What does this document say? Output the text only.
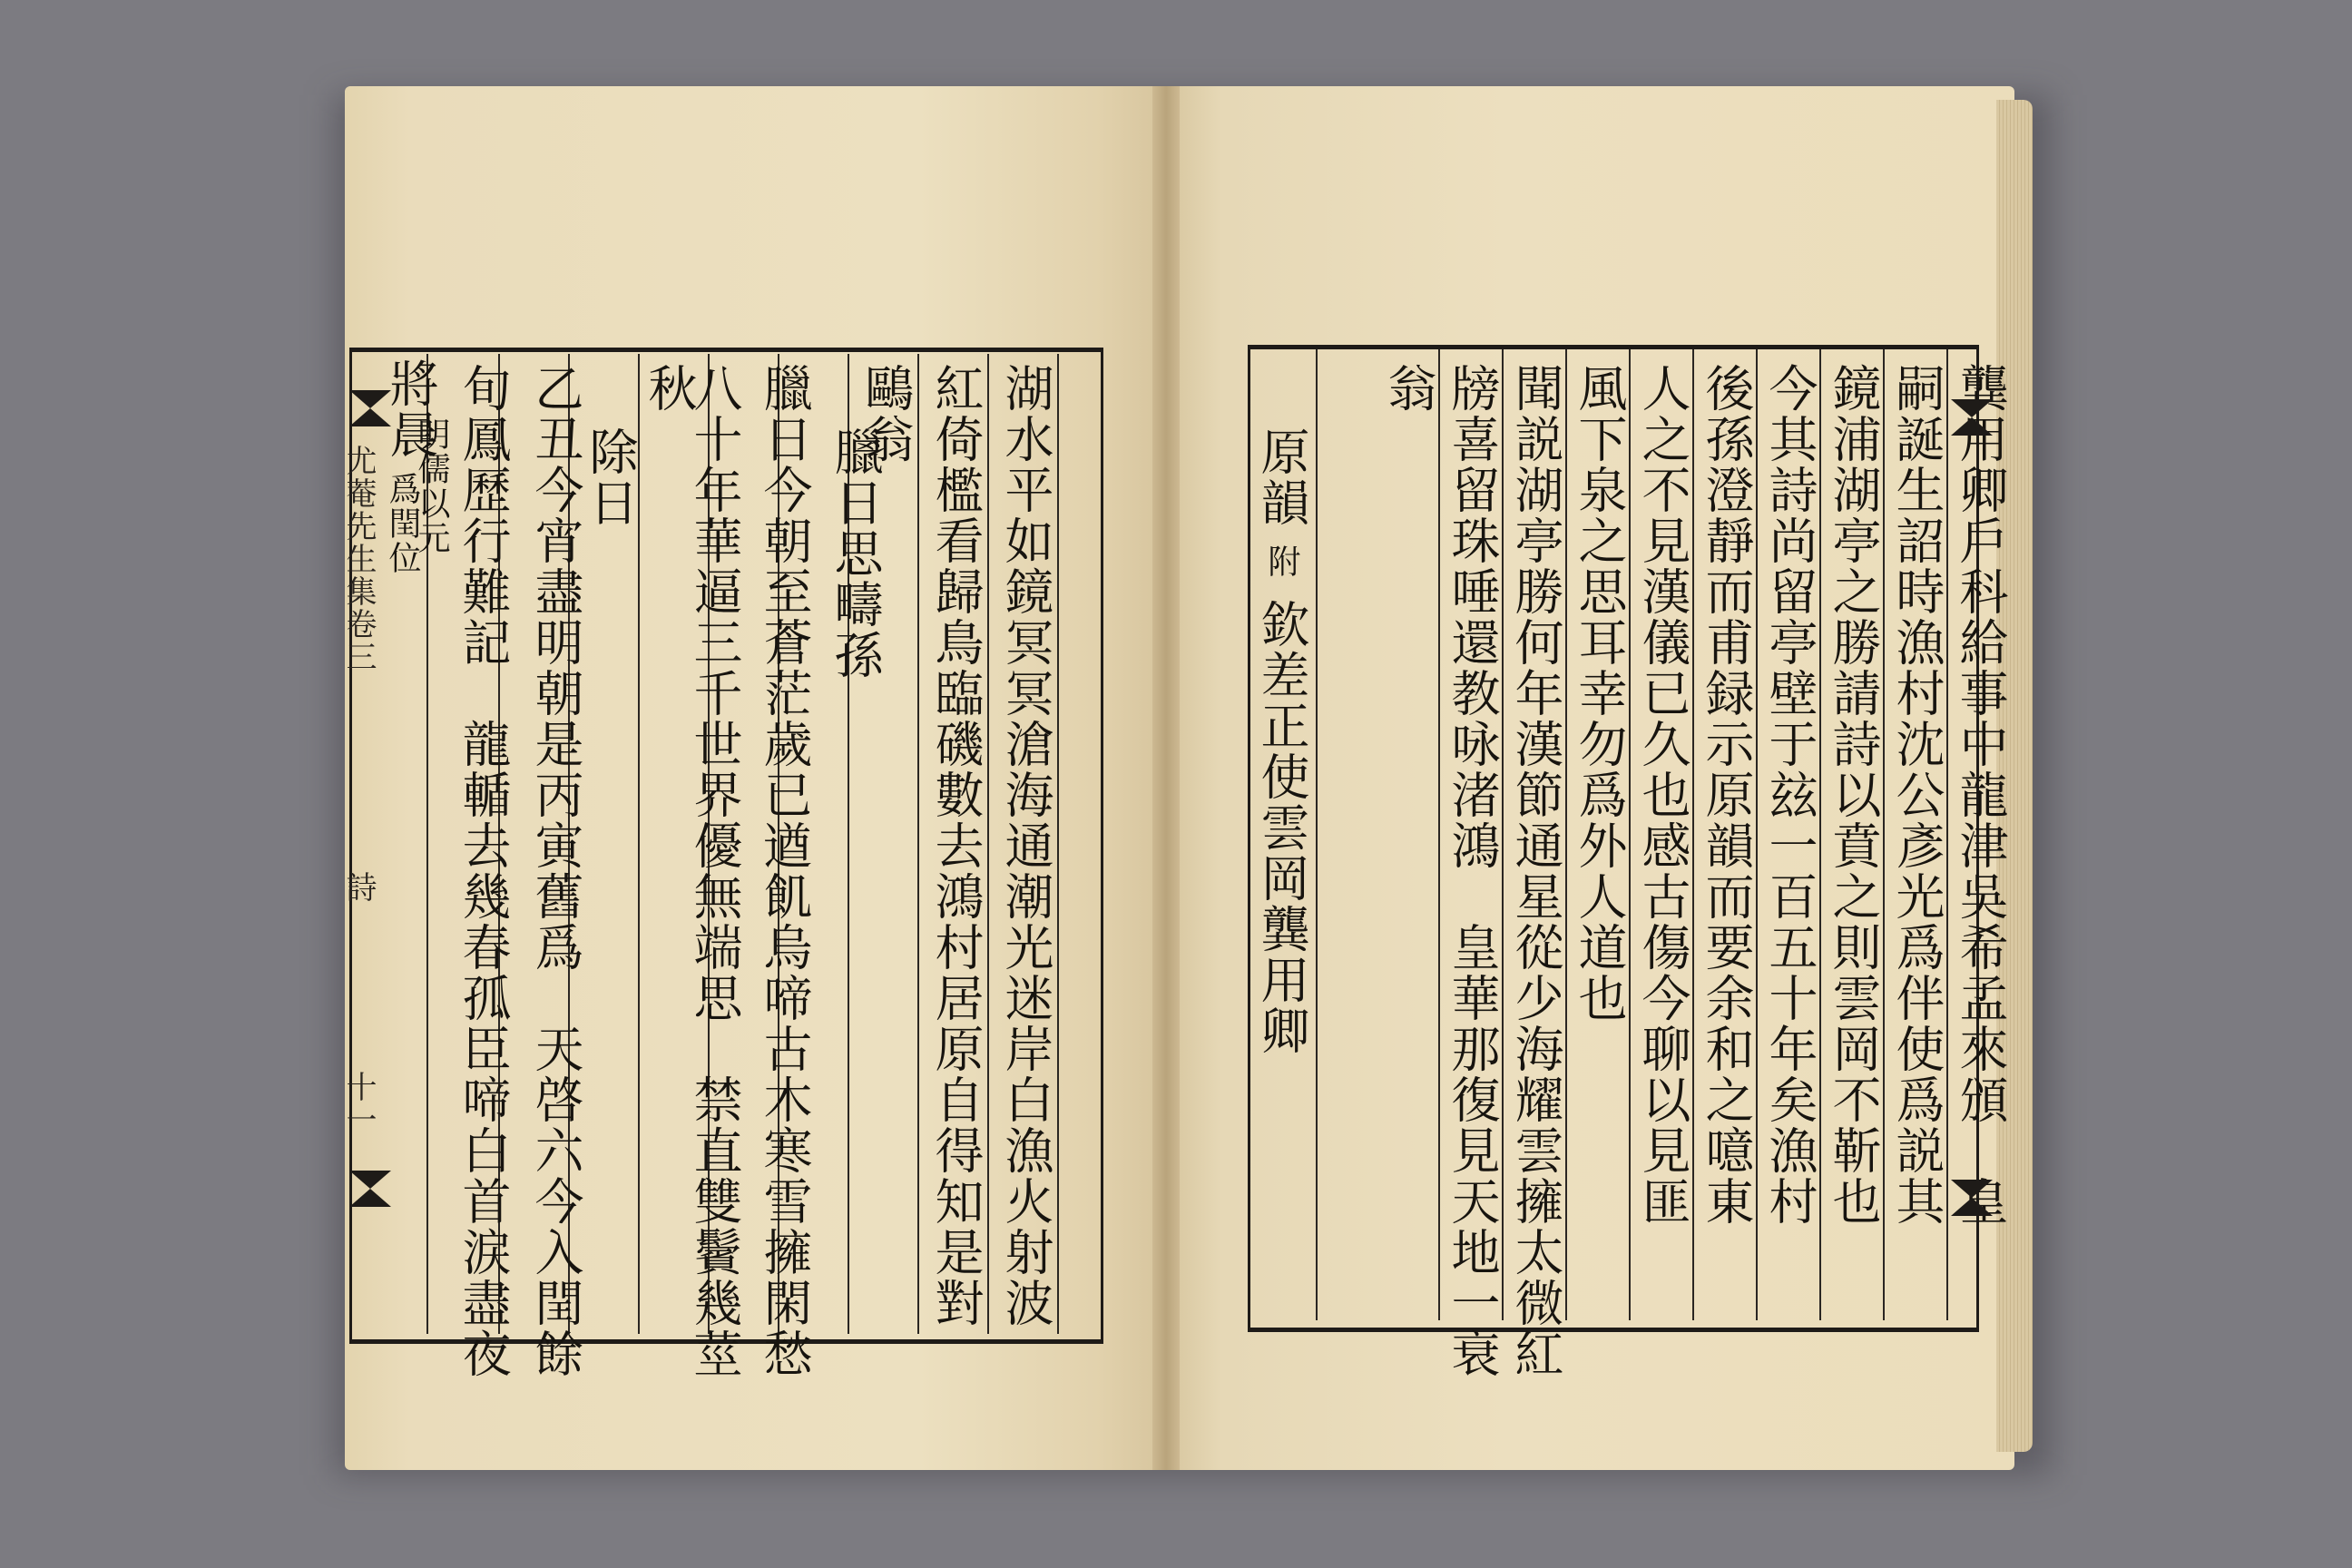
湖水平如鏡冥冥滄海通潮光迷岸白漁火射波
紅倚檻看歸鳥臨磯數去鴻村居原自得知是對
鷗翁
臘日思疇孫
臘日今朝至蒼茫歲已遒飢烏啼古木寒雪擁閑愁
八十年華逼三千世界優無端思　禁直雙鬢幾莖
秋
除日
乙丑今宵盡明朝是丙寅舊爲　天啓六今入閏餘
旬鳳歷行難記　龍輴去幾春孤臣啼白首涙盡夜
將晨
明儒以元
爲閏位
尤菴先生集卷三
詩
十一	龔用卿戶科給事中龍津吳希孟來頒　皇
嗣誕生詔時漁村沈公彥光爲伴使爲説其
鏡浦湖亭之勝請詩以賁之則雲岡不靳也
今其詩尚留亭壁于玆一百五十年矣漁村
後孫澄靜而甫録示原韻而要余和之噫東
人之不見漢儀已久也感古傷今聊以見匪
風下泉之思耳幸勿爲外人道也
聞説湖亭勝何年漢節通星從少海耀雲擁太微紅
牓喜留珠唾還教咏渚鴻　皇華那復見天地一衰
翁
原韻
附
欽差正使雲岡龔用卿
